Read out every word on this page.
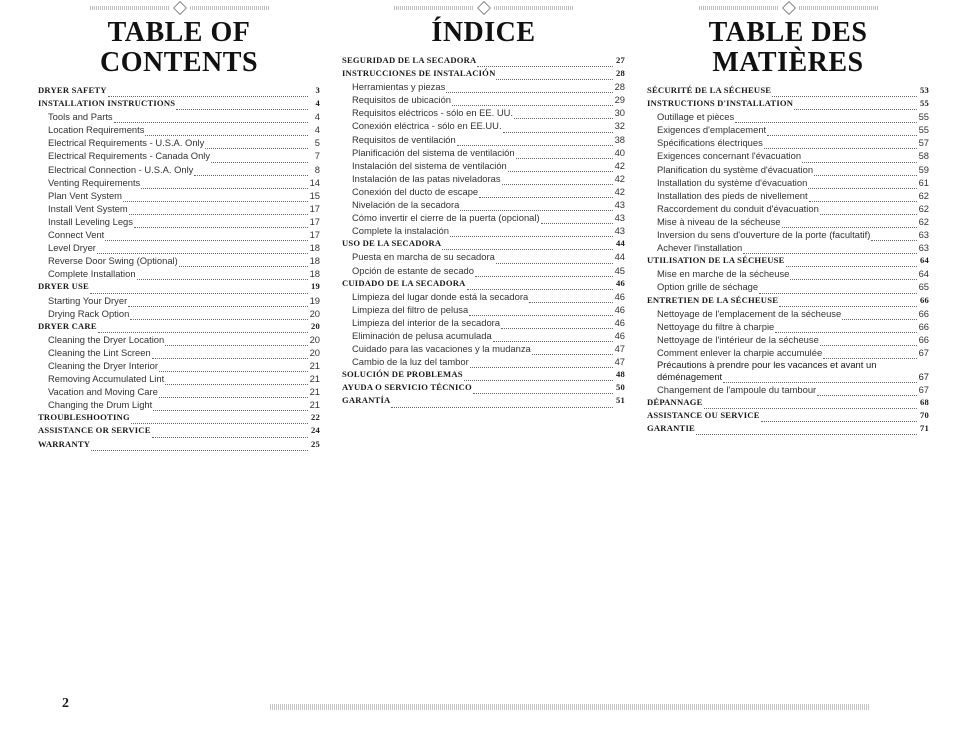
TABLE OF CONTENTS
DRYER SAFETY	3
INSTALLATION INSTRUCTIONS	4
Tools and Parts	4
Location Requirements	4
Electrical Requirements - U.S.A. Only	5
Electrical Requirements - Canada Only	7
Electrical Connection - U.S.A. Only	8
Venting Requirements	14
Plan Vent System	15
Install Vent System	17
Install Leveling Legs	17
Connect Vent	17
Level Dryer	18
Reverse Door Swing (Optional)	18
Complete Installation	18
DRYER USE	19
Starting Your Dryer	19
Drying Rack Option	20
DRYER CARE	20
Cleaning the Dryer Location	20
Cleaning the Lint Screen	20
Cleaning the Dryer Interior	21
Removing Accumulated Lint	21
Vacation and Moving Care	21
Changing the Drum Light	21
TROUBLESHOOTING	22
ASSISTANCE OR SERVICE	24
WARRANTY	25
ÍNDICE
SEGURIDAD DE LA SECADORA	27
INSTRUCCIONES DE INSTALACIÓN	28
Herramientas y piezas	28
Requisitos de ubicación	29
Requisitos eléctricos - sólo en EE. UU.	30
Conexión eléctrica - sólo en EE.UU.	32
Requisitos de ventilación	38
Planificación del sistema de ventilación	40
Instalación del sistema de ventilación	42
Instalación de las patas niveladoras	42
Conexión del ducto de escape	42
Nivelación de la secadora	43
Cómo invertir el cierre de la puerta (opcional)	43
Complete la instalación	43
USO DE LA SECADORA	44
Puesta en marcha de su secadora	44
Opción de estante de secado	45
CUIDADO DE LA SECADORA	46
Limpieza del lugar donde está la secadora	46
Limpieza del filtro de pelusa	46
Limpieza del interior de la secadora	46
Eliminación de pelusa acumulada	46
Cuidado para las vacaciones y la mudanza	47
Cambio de la luz del tambor	47
SOLUCIÓN DE PROBLEMAS	48
AYUDA O SERVICIO TÉCNICO	50
GARANTÍA	51
TABLE DES MATIÈRES
SÉCURITÉ DE LA SÉCHEUSE	53
INSTRUCTIONS D'INSTALLATION	55
Outillage et pièces	55
Exigences d'emplacement	55
Spécifications électriques	57
Exigences concernant l'évacuation	58
Planification du système d'évacuation	59
Installation du système d'évacuation	61
Installation des pieds de nivellement	62
Raccordement du conduit d'évacuation	62
Mise à niveau de la sécheuse	62
Inversion du sens d'ouverture de la porte (facultatif)	63
Achever l'installation	63
UTILISATION DE LA SÉCHEUSE	64
Mise en marche de la sécheuse	64
Option grille de séchage	65
ENTRETIEN DE LA SÉCHEUSE	66
Nettoyage de l'emplacement de la sécheuse	66
Nettoyage du filtre à charpie	66
Nettoyage de l'intérieur de la sécheuse	66
Comment enlever la charpie accumulée	67
Précautions à prendre pour les vacances et avant un
déménagement	67
Changement de l'ampoule du tambour	67
DÉPANNAGE	68
ASSISTANCE OU SERVICE	70
GARANTIE	71
2
